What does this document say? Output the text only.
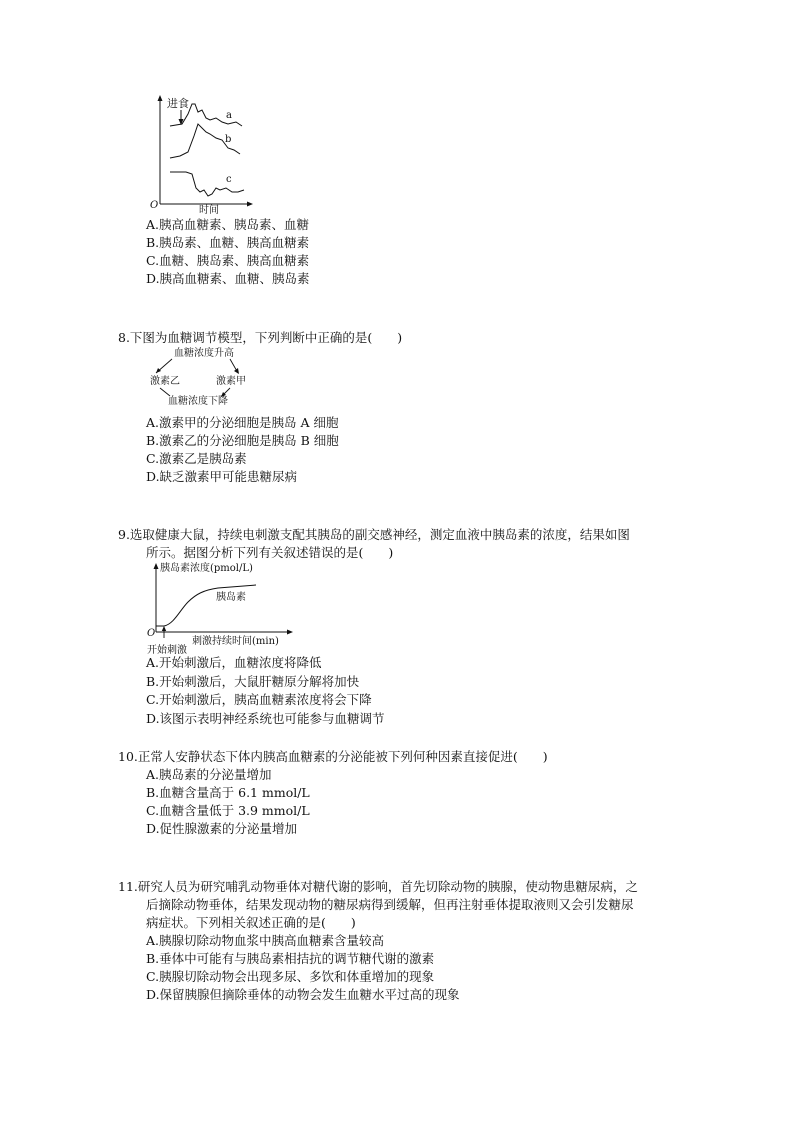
进食
a
b
c
O	时间
A.胰高血糖素、胰岛素、血糖
B.胰岛素、血糖、胰高血糖素
C.血糖、胰岛素、胰高血糖素
D.胰高血糖素、血糖、胰岛素
8.下图为血糖调节模型，下列判断中正确的是(　　)
血糖浓度升高
激素乙	激素甲
血糖浓度下降
A.激素甲的分泌细胞是胰岛 A 细胞
B.激素乙的分泌细胞是胰岛 B 细胞
C.激素乙是胰岛素
D.缺乏激素甲可能患糖尿病
9.选取健康大鼠，持续电刺激支配其胰岛的副交感神经，测定血液中胰岛素的浓度，结果如图
所示。据图分析下列有关叙述错误的是(　　)
胰岛素浓度(pmol/L)
胰岛素
O
刺激持续时间(min)
开始刺激
A.开始刺激后，血糖浓度将降低
B.开始刺激后，大鼠肝糖原分解将加快
C.开始刺激后，胰高血糖素浓度将会下降
D.该图示表明神经系统也可能参与血糖调节
10.正常人安静状态下体内胰高血糖素的分泌能被下列何种因素直接促进(　　)
A.胰岛素的分泌量增加
B.血糖含量高于 6.1 mmol/L
C.血糖含量低于 3.9 mmol/L
D.促性腺激素的分泌量增加
11.研究人员为研究哺乳动物垂体对糖代谢的影响，首先切除动物的胰腺，使动物患糖尿病，之
后摘除动物垂体，结果发现动物的糖尿病得到缓解，但再注射垂体提取液则又会引发糖尿
病症状。下列相关叙述正确的是(　　)
A.胰腺切除动物血浆中胰高血糖素含量较高
B.垂体中可能有与胰岛素相拮抗的调节糖代谢的激素
C.胰腺切除动物会出现多尿、多饮和体重增加的现象
D.保留胰腺但摘除垂体的动物会发生血糖水平过高的现象
